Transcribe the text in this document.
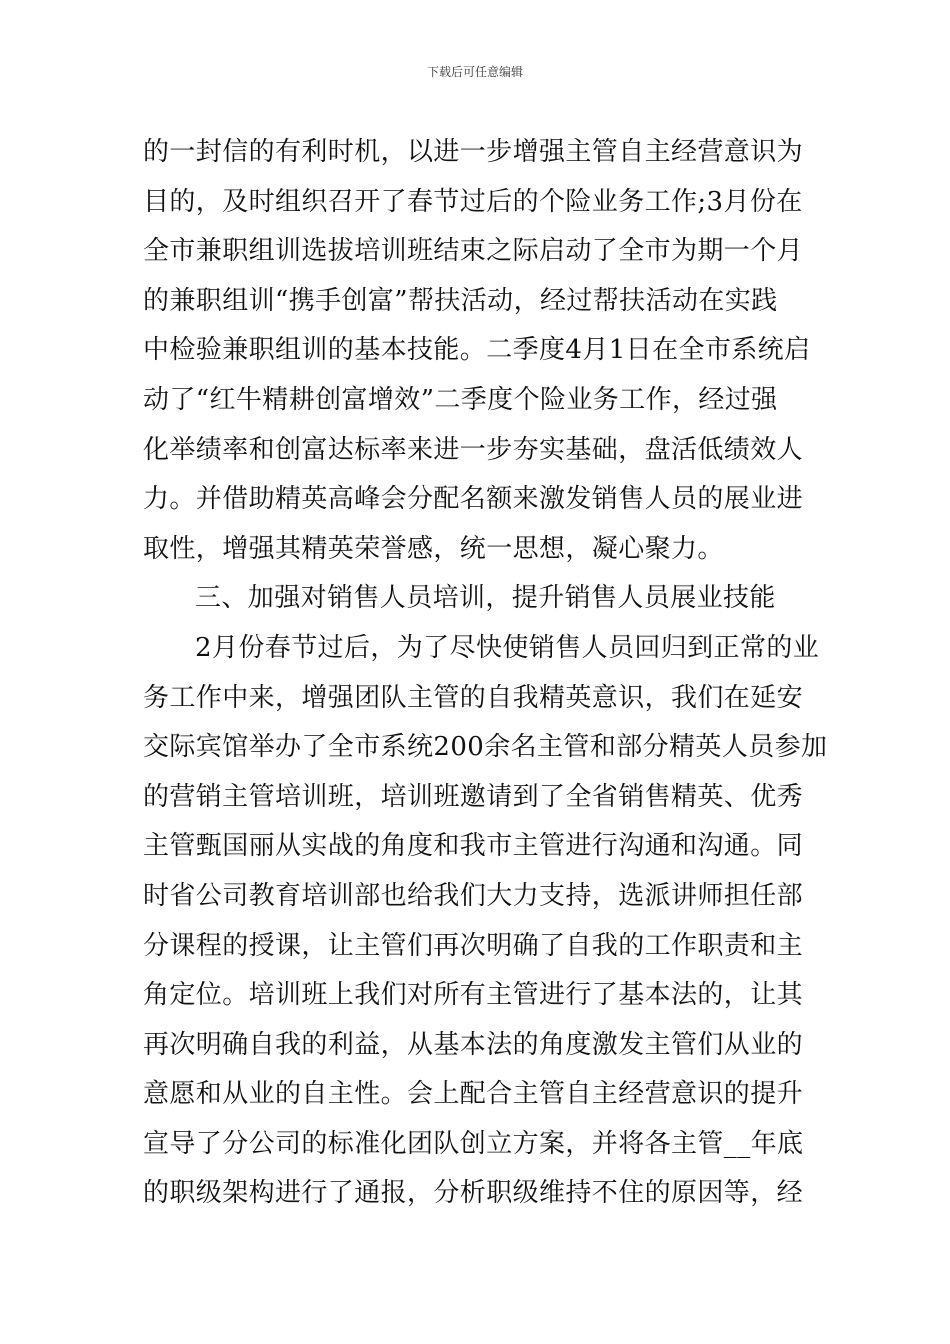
下载后可任意编辑
的一封信的有利时机，以进一步增强主管自主经营意识为
目的，及时组织召开了春节过后的个险业务工作;3月份在
全市兼职组训选拔培训班结束之际启动了全市为期一个月
的兼职组训“携手创富”帮扶活动，经过帮扶活动在实践
中检验兼职组训的基本技能。二季度4月1日在全市系统启
动了“红牛精耕创富增效”二季度个险业务工作，经过强
化举绩率和创富达标率来进一步夯实基础，盘活低绩效人
力。并借助精英高峰会分配名额来激发销售人员的展业进
取性，增强其精英荣誉感，统一思想，凝心聚力。
三、加强对销售人员培训，提升销售人员展业技能
2月份春节过后，为了尽快使销售人员回归到正常的业
务工作中来，增强团队主管的自我精英意识，我们在延安
交际宾馆举办了全市系统200余名主管和部分精英人员参加
的营销主管培训班，培训班邀请到了全省销售精英、优秀
主管甄国丽从实战的角度和我市主管进行沟通和沟通。同
时省公司教育培训部也给我们大力支持，选派讲师担任部
分课程的授课，让主管们再次明确了自我的工作职责和主
角定位。培训班上我们对所有主管进行了基本法的，让其
再次明确自我的利益，从基本法的角度激发主管们从业的
意愿和从业的自主性。会上配合主管自主经营意识的提升
宣导了分公司的标准化团队创立方案，并将各主管__年底
的职级架构进行了通报，分析职级维持不住的原因等，经
